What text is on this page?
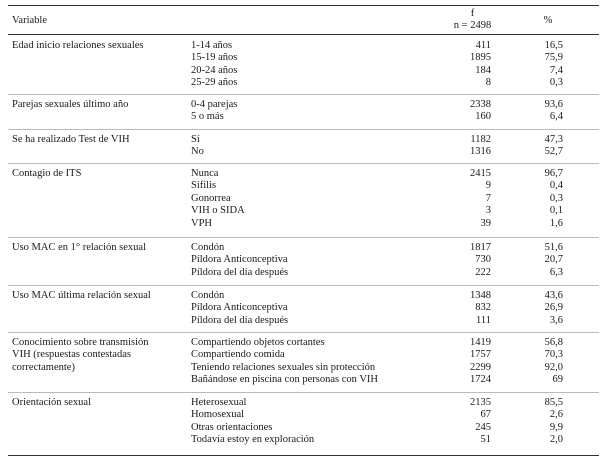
Variable
f
n = 2498	%
Edad inicio relaciones sexuales	1-14 años	411	16,5
15-19 años	1895	75,9
20-24 años	184	7,4
25-29 años	8	0,3
Parejas sexuales último año	0-4 parejas	2338	93,6
5 o más	160	6,4
Se ha realizado Test de VIH	Sí	1182	47,3
No	1316	52,7
Contagio de ITS	Nunca	2415	96,7
Sífilis	9	0,4
Gonorrea	7	0,3
VIH o SIDA	3	0,1
VPH	39	1,6
Uso MAC en 1° relación sexual	Condón	1817	51,6
Píldora Anticonceptiva	730	20,7
Píldora del día después	222	6,3
Uso MAC última relación sexual	Condón	1348	43,6
Píldora Anticonceptiva	832	26,9
Píldora del día después	111	3,6
Conocimiento sobre transmisión
VIH (respuestas contestadas
correctamente)
Compartiendo objetos cortantes	1419	56,8
Compartiendo comida	1757	70,3
Teniendo relaciones sexuales sin protección	2299	92,0
Bañándose en piscina con personas con VIH	1724	69
Orientación sexual	Heterosexual	2135	85,5
Homosexual	67	2,6
Otras orientaciones	245	9,9
Todavía estoy en exploración	51	2,0
